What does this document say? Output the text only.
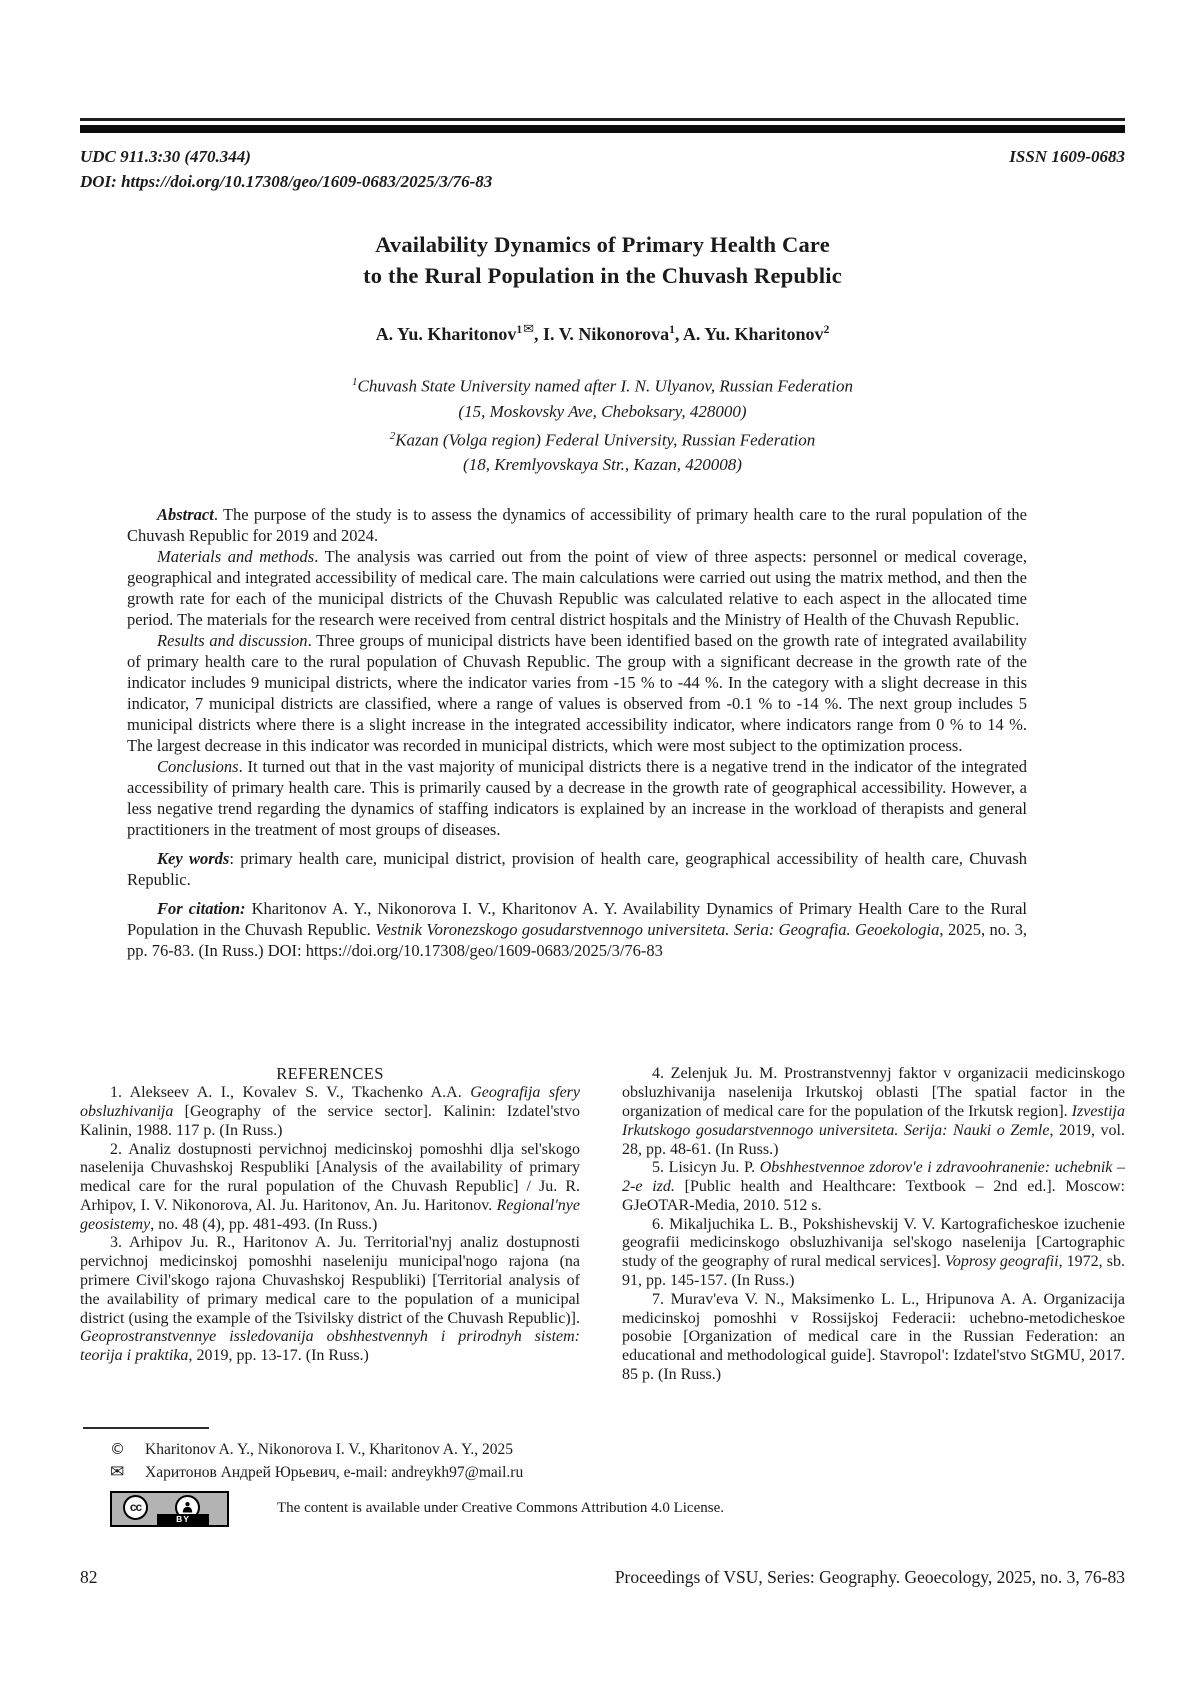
UDC 911.3:30 (470.344)	ISSN 1609-0683
DOI: https://doi.org/10.17308/geo/1609-0683/2025/3/76-83
Availability Dynamics of Primary Health Care
to the Rural Population in the Chuvash Republic
A. Yu. Kharitonov$^{1✉}$, I. V. Nikonorova$^1$, A. Yu. Kharitonov$^2$
$^1$Chuvash State University named after I. N. Ulyanov, Russian Federation
(15, Moskovsky Ave, Cheboksary, 428000)
$^2$Kazan (Volga region) Federal University, Russian Federation
(18, Kremlyovskaya Str., Kazan, 420008)

Abstract. The purpose of the study is to assess the dynamics of accessibility of primary health care to the rural population of the Chuvash Republic for 2019 and 2024.

Materials and methods. The analysis was carried out from the point of view of three aspects: personnel or medical coverage, geographical and integrated accessibility of medical care. The main calculations were carried out using the matrix method, and then the growth rate for each of the municipal districts of the Chuvash Republic was calculated relative to each aspect in the allocated time period. The materials for the research were received from central district hospitals and the Ministry of Health of the Chuvash Republic.

Results and discussion. Three groups of municipal districts have been identified based on the growth rate of integrated availability of primary health care to the rural population of Chuvash Republic. The group with a significant decrease in the growth rate of the indicator includes 9 municipal districts, where the indicator varies from -15 % to -44 %. In the category with a slight decrease in this indicator, 7 municipal districts are classified, where a range of values is observed from -0.1 % to -14 %. The next group includes 5 municipal districts where there is a slight increase in the integrated accessibility indicator, where indicators range from 0 % to 14 %. The largest decrease in this indicator was recorded in municipal districts, which were most subject to the optimization process.

Conclusions. It turned out that in the vast majority of municipal districts there is a negative trend in the indicator of the integrated accessibility of primary health care. This is primarily caused by a decrease in the growth rate of geographical accessibility. However, a less negative trend regarding the dynamics of staffing indicators is explained by an increase in the workload of therapists and general practitioners in the treatment of most groups of diseases.

Key words: primary health care, municipal district, provision of health care, geographical accessibility of health care, Chuvash Republic.

For citation: Kharitonov A. Y., Nikonorova I. V., Kharitonov A. Y. Availability Dynamics of Primary Health Care to the Rural Population in the Chuvash Republic. Vestnik Voronezskogo gosudarstvennogo universiteta. Seria: Geografia. Geoekologia, 2025, no. 3, pp. 76-83. (In Russ.) DOI: https://doi.org/10.17308/geo/1609-0683/2025/3/76-83

REFERENCES

1. Alekseev A. I., Kovalev S. V., Tkachenko A.A. Geografija sfery obsluzhivanija [Geography of the service sector]. Kalinin: Izdatel'stvo Kalinin, 1988. 117 p. (In Russ.)

2. Analiz dostupnosti pervichnoj medicinskoj pomoshhi dlja sel'skogo naselenija Chuvashskoj Respubliki [Analysis of the availability of primary medical care for the rural population of the Chuvash Republic] / Ju. R. Arhipov, I. V. Nikonorova, Al. Ju. Haritonov, An. Ju. Haritonov. Regional'nye geosistemy, no. 48 (4), pp. 481-493. (In Russ.)

3. Arhipov Ju. R., Haritonov A. Ju. Territorial'nyj analiz dostupnosti pervichnoj medicinskoj pomoshhi naseleniju municipal'nogo rajona (na primere Civil'skogo rajona Chuvashskoj Respubliki) [Territorial analysis of the availability of primary medical care to the population of a municipal district (using the example of the Tsivilsky district of the Chuvash Republic)]. Geoprostranstvennye issledovanija obshhestvennyh i prirodnyh sistem: teorija i praktika, 2019, pp. 13-17. (In Russ.)

4. Zelenjuk Ju. M. Prostranstvennyj faktor v organizacii medicinskogo obsluzhivanija naselenija Irkutskoj oblasti [The spatial factor in the organization of medical care for the population of the Irkutsk region]. Izvestija Irkutskogo gosudarstvennogo universiteta. Serija: Nauki o Zemle, 2019, vol. 28, pp. 48-61. (In Russ.)

5. Lisicyn Ju. P. Obshhestvennoe zdorov'e i zdravoohranenie: uchebnik – 2-e izd. [Public health and Healthcare: Textbook – 2nd ed.]. Moscow: GJeOTAR-Media, 2010. 512 s.

6. Mikaljuchika L. B., Pokshishevskij V. V. Kartograficheskoe izuchenie geografii medicinskogo obsluzhivanija sel'skogo naselenija [Cartographic study of the geography of rural medical services]. Voprosy geografii, 1972, sb. 91, pp. 145-157. (In Russ.)

7. Murav'eva V. N., Maksimenko L. L., Hripunova A. A. Organizacija medicinskoj pomoshhi v Rossijskoj Federacii: uchebno-metodicheskoe posobie [Organization of medical care in the Russian Federation: an educational and methodological guide]. Stavropol': Izdatel'stvo StGMU, 2017. 85 p. (In Russ.)

©	Kharitonov A. Y., Nikonorova I. V., Kharitonov A. Y., 2025
✉	Харитонов Андрей Юрьевич, e-mail: andreykh97@mail.ru
cc
BY
The content is available under Creative Commons Attribution 4.0 License.
82	Proceedings of VSU, Series: Geography. Geoecology, 2025, no. 3, 76-83
